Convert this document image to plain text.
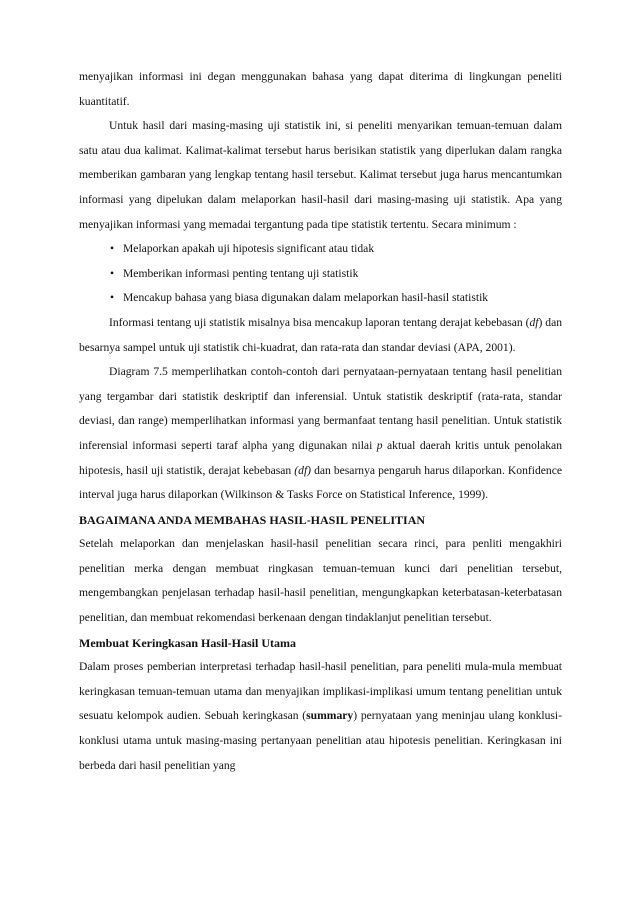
menyajikan informasi ini degan menggunakan bahasa yang dapat diterima di lingkungan peneliti kuantitatif.

Untuk hasil dari masing-masing uji statistik ini, si peneliti menyarikan temuan-temuan dalam satu atau dua kalimat. Kalimat-kalimat tersebut harus berisikan statistik yang diperlukan dalam rangka memberikan gambaran yang lengkap tentang hasil tersebut. Kalimat tersebut juga harus mencantumkan informasi yang dipelukan dalam melaporkan hasil-hasil dari masing-masing uji statistik. Apa yang menyajikan informasi yang memadai tergantung pada tipe statistik tertentu. Secara minimum :

• Melaporkan apakah uji hipotesis significant atau tidak
• Memberikan informasi penting tentang uji statistik
• Mencakup bahasa yang biasa digunakan dalam melaporkan hasil-hasil statistik

Informasi tentang uji statistik misalnya bisa mencakup laporan tentang derajat kebebasan (df) dan besarnya sampel untuk uji statistik chi-kuadrat, dan rata-rata dan standar deviasi (APA, 2001).

Diagram 7.5 memperlihatkan contoh-contoh dari pernyataan-pernyataan tentang hasil penelitian yang tergambar dari statistik deskriptif dan inferensial. Untuk statistik deskriptif (rata-rata, standar deviasi, dan range) memperlihatkan informasi yang bermanfaat tentang hasil penelitian. Untuk statistik inferensial informasi seperti taraf alpha yang digunakan nilai p aktual daerah kritis untuk penolakan hipotesis, hasil uji statistik, derajat kebebasan (df) dan besarnya pengaruh harus dilaporkan. Konfidence interval juga harus dilaporkan (Wilkinson & Tasks Force on Statistical Inference, 1999).

BAGAIMANA ANDA MEMBAHAS HASIL-HASIL PENELITIAN

Setelah melaporkan dan menjelaskan hasil-hasil penelitian secara rinci, para penliti mengakhiri penelitian merka dengan membuat ringkasan temuan-temuan kunci dari penelitian tersebut, mengembangkan penjelasan terhadap hasil-hasil penelitian, mengungkapkan keterbatasan-keterbatasan penelitian, dan membuat rekomendasi berkenaan dengan tindaklanjut penelitian tersebut.

Membuat Keringkasan Hasil-Hasil Utama

Dalam proses pemberian interpretasi terhadap hasil-hasil penelitian, para peneliti mula-mula membuat keringkasan temuan-temuan utama dan menyajikan implikasi-implikasi umum tentang penelitian untuk sesuatu kelompok audien. Sebuah keringkasan (summary) pernyataan yang meninjau ulang konklusi-konklusi utama untuk masing-masing pertanyaan penelitian atau hipotesis penelitian. Keringkasan ini berbeda dari hasil penelitian yang
